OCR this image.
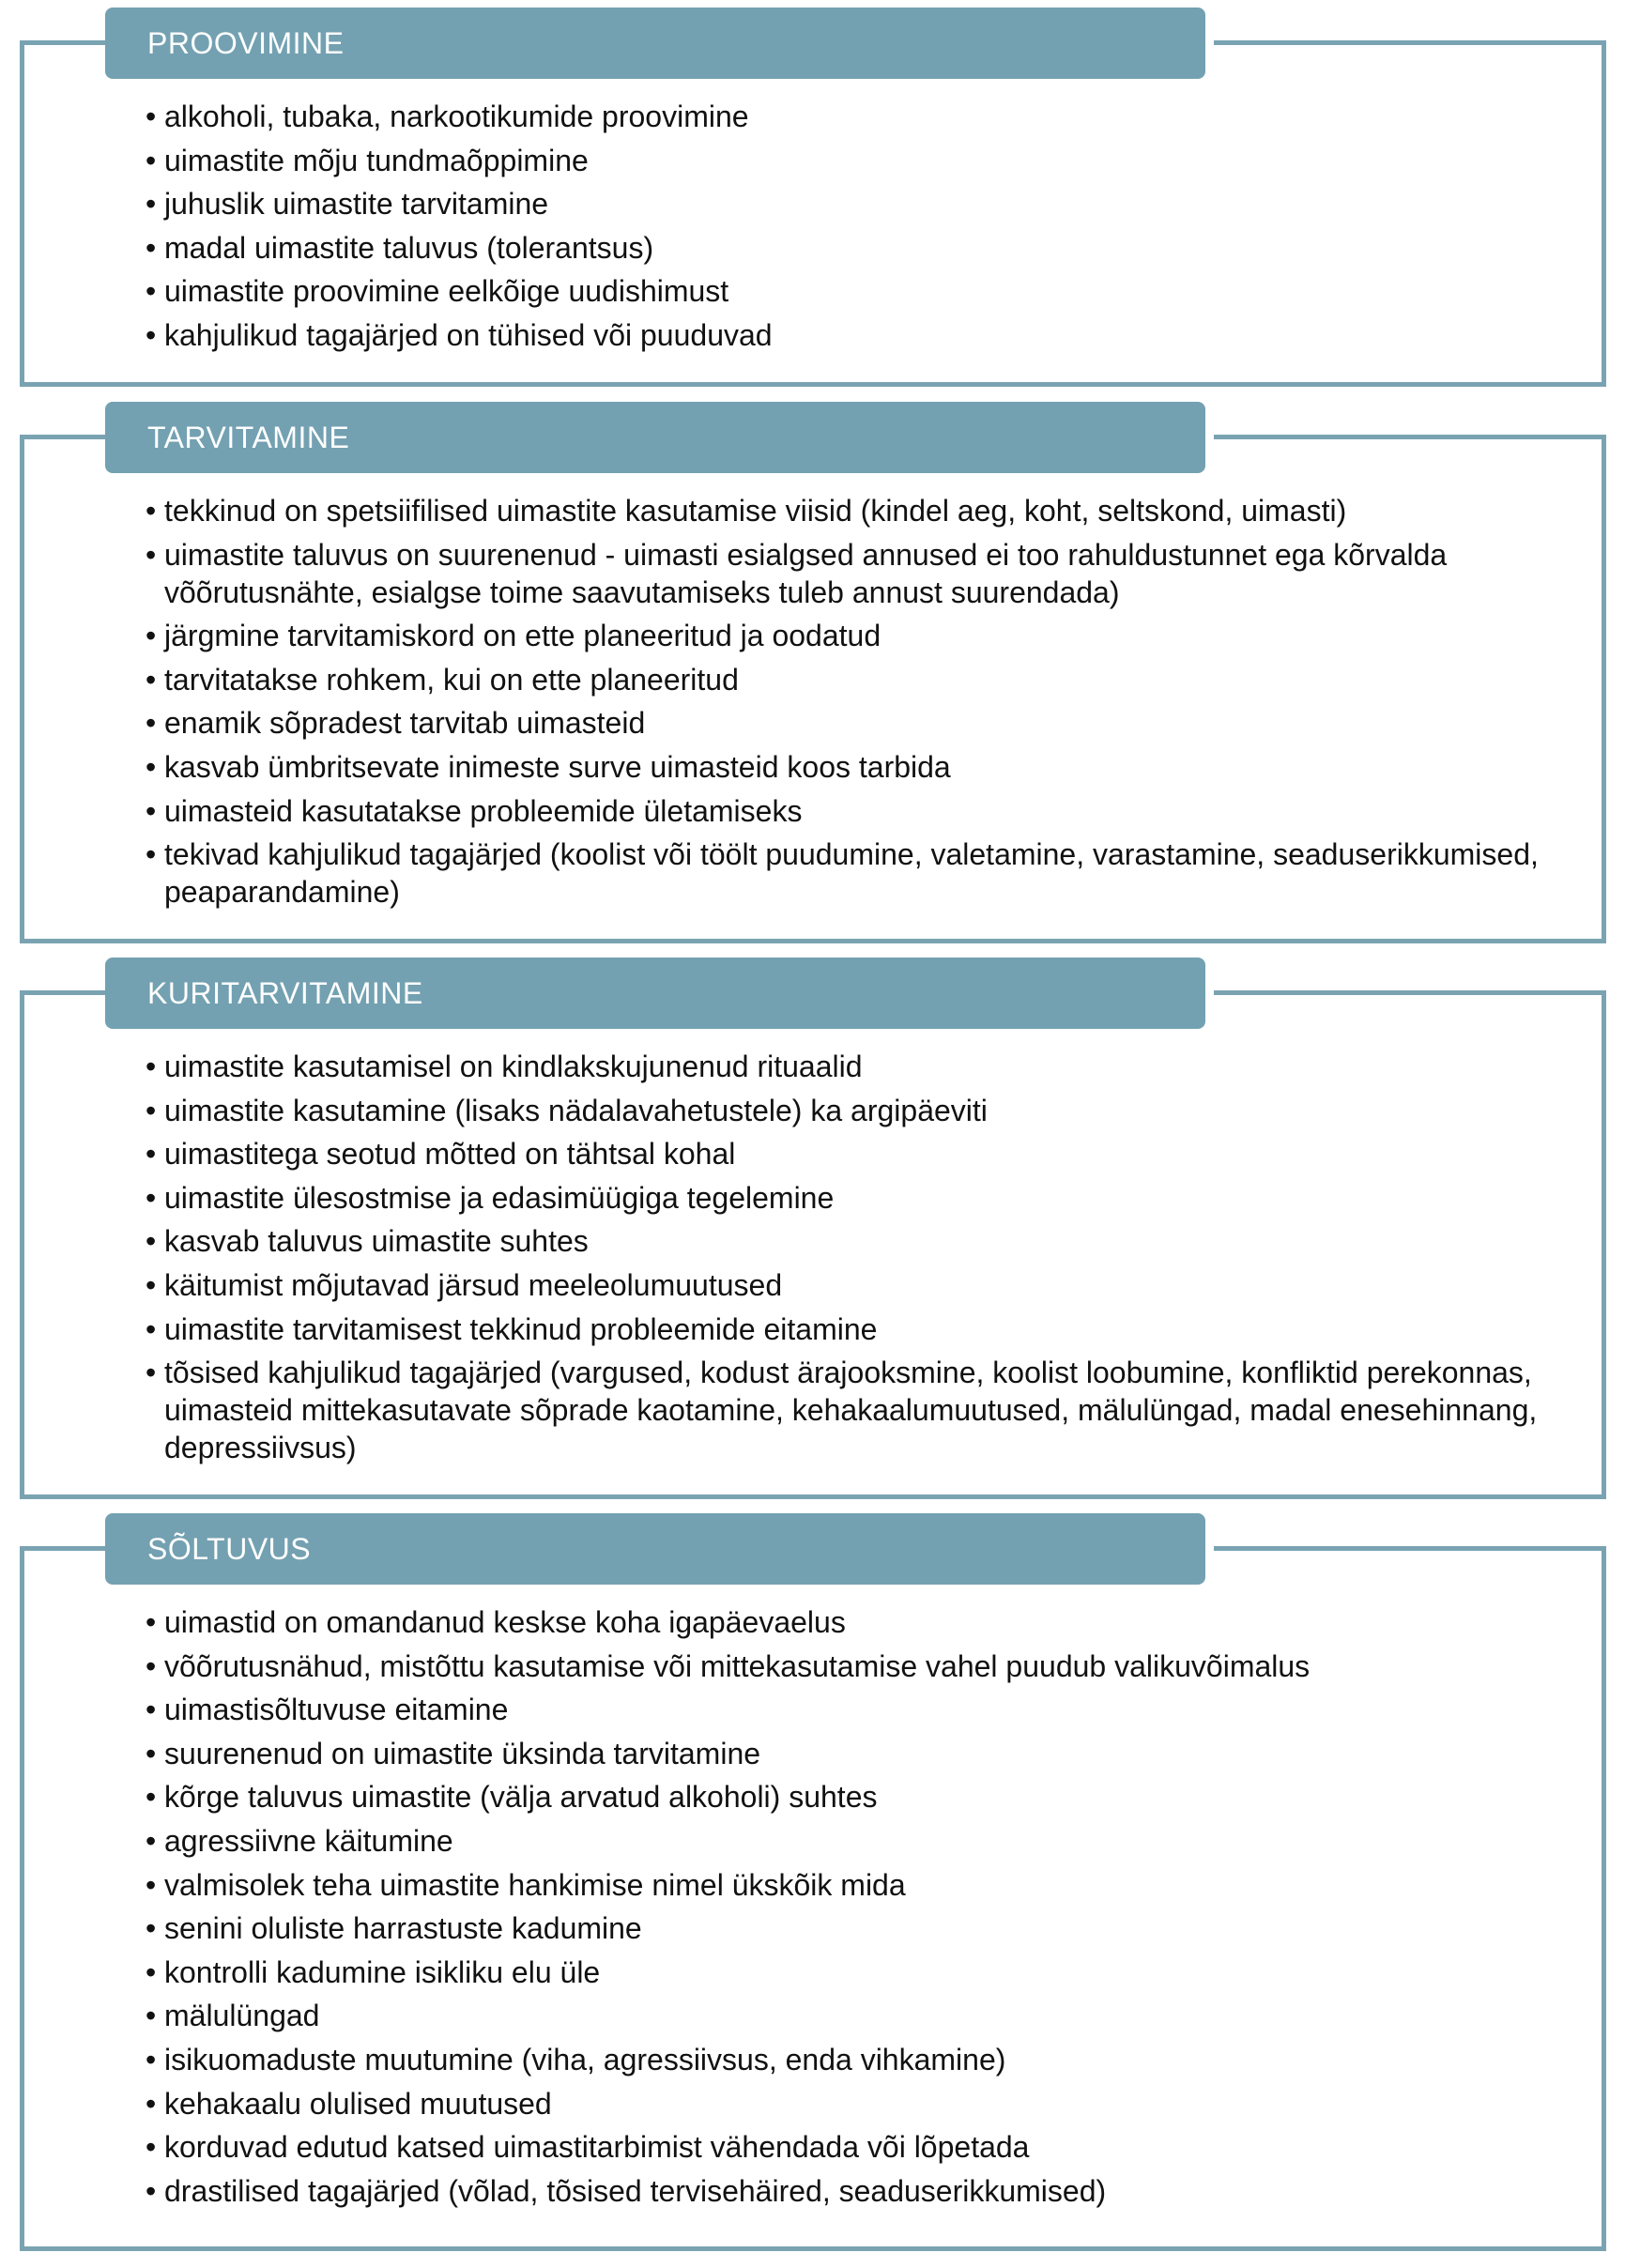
PROOVIMINE
• alkoholi, tubaka, narkootikumide proovimine
• uimastite mõju tundmaõppimine
• juhuslik uimastite tarvitamine
• madal uimastite taluvus (tolerantsus)
• uimastite proovimine eelkõige uudishimust
• kahjulikud tagajärjed on tühised või puuduvad
TARVITAMINE
• tekkinud on spetsiifilised uimastite kasutamise viisid (kindel aeg, koht, seltskond, uimasti)
• uimastite taluvus on suurenenud - uimasti esialgsed annused ei too rahuldustunnet ega kõrvalda võõrutusnähte, esialgse toime saavutamiseks tuleb annust suurendada)
• järgmine tarvitamiskord on ette planeeritud ja oodatud
• tarvitatakse rohkem, kui on ette planeeritud
• enamik sõpradest tarvitab uimasteid
• kasvab ümbritsevate inimeste surve uimasteid koos tarbida
• uimasteid kasutatakse probleemide ületamiseks
• tekivad kahjulikud tagajärjed (koolist või töölt puudumine, valetamine, varastamine, seaduserikkumised, peaparandamine)
KURITARVITAMINE
• uimastite kasutamisel on kindlakskujunenud rituaalid
• uimastite kasutamine (lisaks nädalavahetustele) ka argipäeviti
• uimastitega seotud mõtted on tähtsal kohal
• uimastite ülesostmise ja edasimüügiga tegelemine
• kasvab taluvus uimastite suhtes
• käitumist mõjutavad järsud meeleolumuutused
• uimastite tarvitamisest tekkinud probleemide eitamine
• tõsised kahjulikud tagajärjed (vargused, kodust ärajooksmine, koolist loobumine, konfliktid perekonnas, uimasteid mittekasutavate sõprade kaotamine, kehakaalumuutused, mälulüngad, madal enesehinnang, depressiivsus)
SÕLTUVUS
• uimastid on omandanud keskse koha igapäevaelus
• võõrutusnähud, mistõttu kasutamise või mittekasutamise vahel puudub valikuvõimalus
• uimastisõltuvuse eitamine
• suurenenud on uimastite üksinda tarvitamine
• kõrge taluvus uimastite (välja arvatud alkoholi) suhtes
• agressiivne käitumine
• valmisolek teha uimastite hankimise nimel ükskõik mida
• senini oluliste harrastuste kadumine
• kontrolli kadumine isikliku elu üle
• mälulüngad
• isikuomaduste muutumine (viha, agressiivsus, enda vihkamine)
• kehakaalu olulised muutused
• korduvad edutud katsed uimastitarbimist vähendada või lõpetada
• drastilised tagajärjed (võlad, tõsised tervisehäired, seaduserikkumised)
